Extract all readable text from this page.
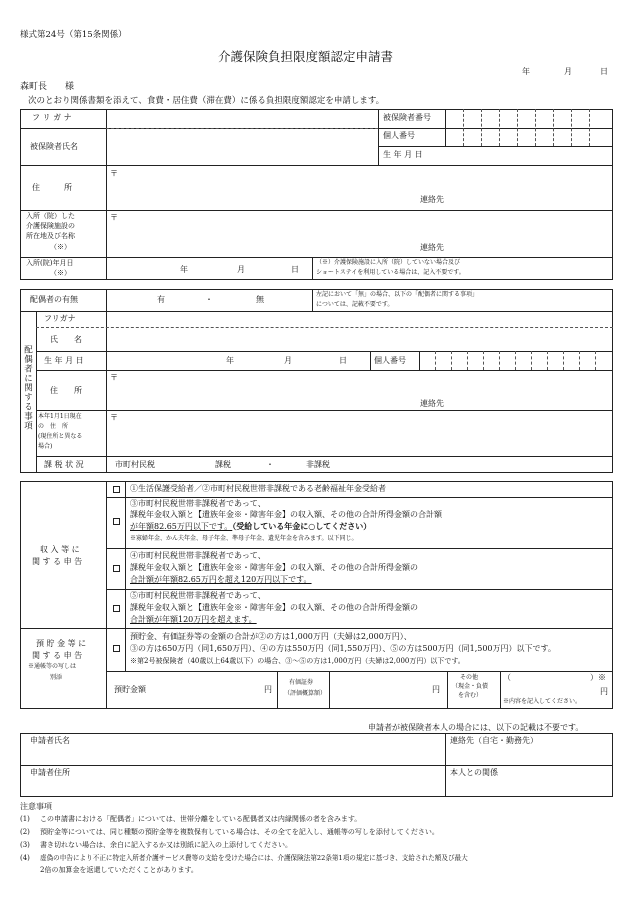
様式第24号（第15条関係）
介護保険負担限度額認定申請書
年	月	日
森町長　　様
次のとおり関係書類を添えて、食費・居住費（滞在費）に係る負担限度額認定を申請します。
フ リ ガ ナ
被保険者氏名
被保険者番号
個人番号
生 年 月 日
住　　　所
〒
連絡先
入所（院）した
介護保険施設の
所在地及び名称
（※）
〒
連絡先
入所(院)年月日
（※）	年	月	日
（※）介護保険施設に入所（院）していない場合及び
ショートステイを利用している場合は、記入不要です。
配偶者の有無	有	・	無
左記において「無」の場合、以下の「配偶者に関する事項」
については、記載不要です。
配偶者に関する事項
フリガナ
氏　　名
生 年 月 日	年	月	日	個人番号
住　　所
〒
連絡先
本年1月1日現在
の　住　所
(現住所と異なる
場合)
〒
課 税 状 況	市町村民税	課税	・	非課税
収 入 等 に
関 す る 申 告
①生活保護受給者／②市町村民税世帯非課税である老齢福祉年金受給者
③市町村民税世帯非課税者であって、
課税年金収入額と【遺族年金※・障害年金】の収入額、その他の合計所得金額の合計額
が年額82.65万円以下です。（受給している年金に○してください）
※寡婦年金、かん夫年金、母子年金、準母子年金、遺児年金を含みます。以下同じ。
④市町村民税世帯非課税者であって、
課税年金収入額と【遺族年金※・障害年金】の収入額、その他の合計所得金額の
合計額が年額82.65万円を超え120万円以下です。
⑤市町村民税世帯非課税者であって、
課税年金収入額と【遺族年金※・障害年金】の収入額、その他の合計所得金額の
合計額が年額120万円を超えます。
預 貯 金 等 に
関 す る 申 告
※通帳等の写しは
別添
預貯金、有価証券等の金額の合計が②の方は1,000万円（夫婦は2,000万円）、
③の方は650万円（同1,650万円）、④の方は550万円（同1,550万円）、⑤の方は500万円（同1,500万円）以下です。
※第2号被保険者（40歳以上64歳以下）の場合、③〜⑤の方は1,000万円（夫婦は2,000万円）以下です。
預貯金額	円
有価証券
（評価概算額）	円
その他
（現金・負債
を含む）
（	）※
円
※内容を記入してください。
申請者が被保険者本人の場合には、以下の記載は不要です。
申請者氏名	連絡先（自宅・勤務先）
申請者住所	本人との関係
注意事項
(1) この申請書における「配偶者」については、世帯分離をしている配偶者又は内縁関係の者を含みます。
(2) 預貯金等については、同じ種類の預貯金等を複数保有している場合は、その全てを記入し、通帳等の写しを添付してください。
(3) 書き切れない場合は、余白に記入するか又は別紙に記入の上添付してください。
(4) 虚偽の申告により不正に特定入所者介護サービス費等の支給を受けた場合には、介護保険法第22条第1項の規定に基づき、支給された額及び最大
2倍の加算金を返還していただくことがあります。
